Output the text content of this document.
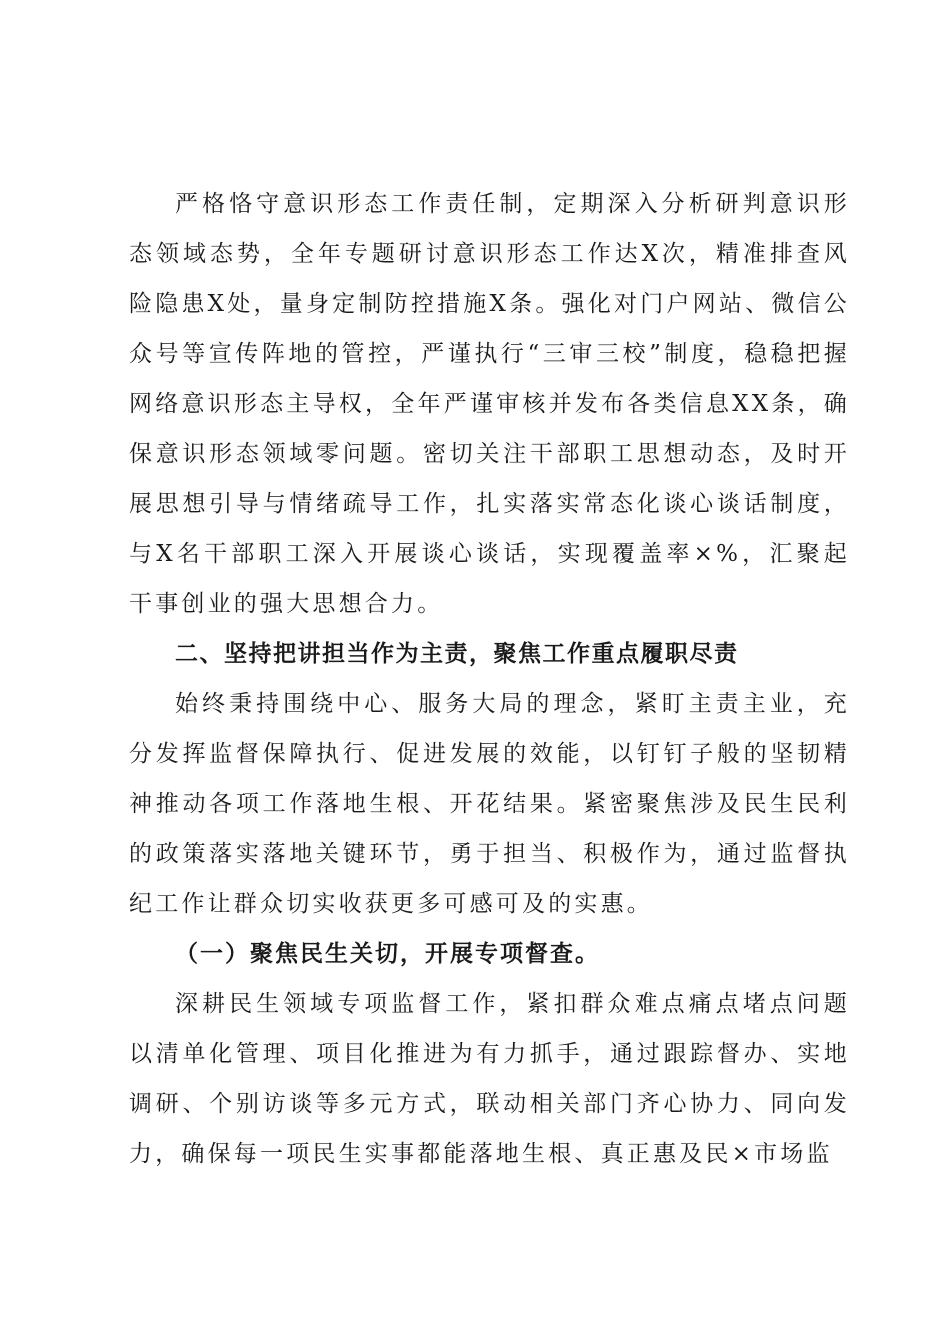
严格恪守意识形态工作责任制，定期深入分析研判意识形态领域态势，全年专题研讨意识形态工作达X次，精准排查风险隐患X处，量身定制防控措施X条。强化对门户网站、微信公众号等宣传阵地的管控，严谨执行“三审三校”制度，稳稳把握网络意识形态主导权，全年严谨审核并发布各类信息XX条，确保意识形态领域零问题。密切关注干部职工思想动态，及时开展思想引导与情绪疏导工作，扎实落实常态化谈心谈话制度，与X名干部职工深入开展谈心谈话，实现覆盖率×%，汇聚起干事创业的强大思想合力。

二、坚持把讲担当作为主责，聚焦工作重点履职尽责

始终秉持围绕中心、服务大局的理念，紧盯主责主业，充分发挥监督保障执行、促进发展的效能，以钉钉子般的坚韧精神推动各项工作落地生根、开花结果。紧密聚焦涉及民生民利的政策落实落地关键环节，勇于担当、积极作为，通过监督执纪工作让群众切实收获更多可感可及的实惠。

（一）聚焦民生关切，开展专项督查。

深耕民生领域专项监督工作，紧扣群众难点痛点堵点问题以清单化管理、项目化推进为有力抓手，通过跟踪督办、实地调研、个别访谈等多元方式，联动相关部门齐心协力、同向发力，确保每一项民生实事都能落地生根、真正惠及民×市场监
